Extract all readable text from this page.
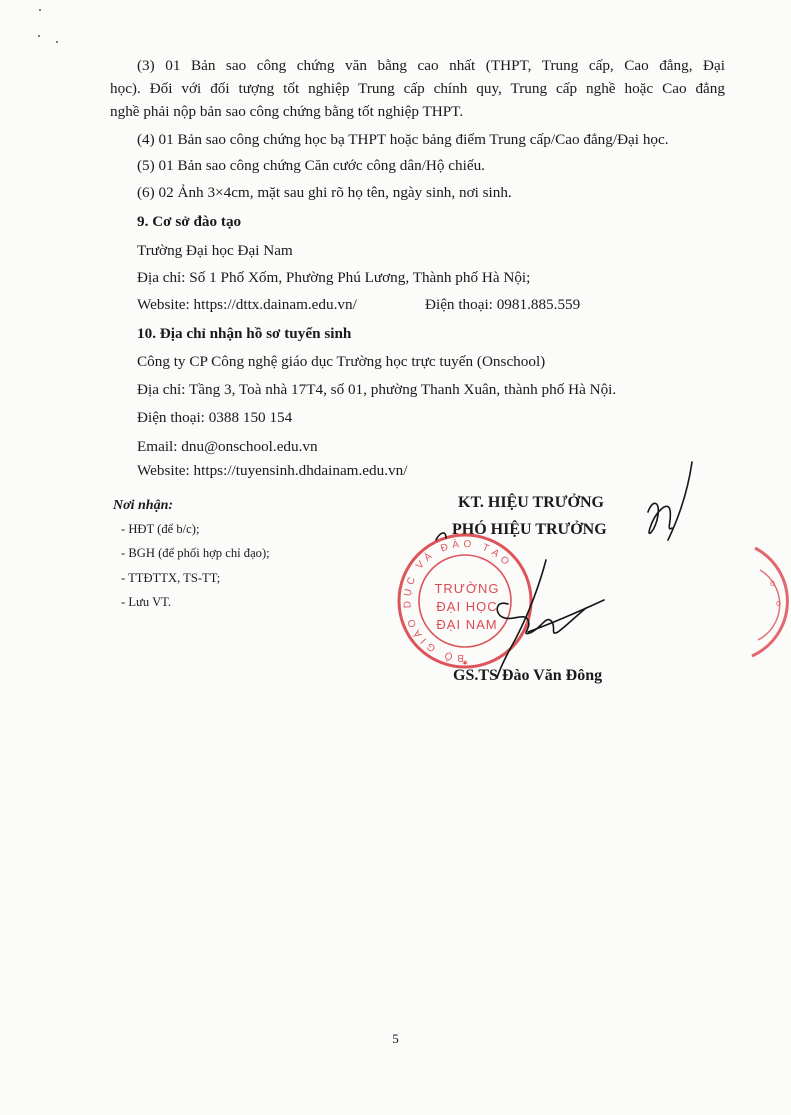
(3) 01 Bản sao công chứng văn bằng cao nhất (THPT, Trung cấp, Cao đẳng, Đại
học). Đối với đối tượng tốt nghiệp Trung cấp chính quy, Trung cấp nghề hoặc Cao đẳng
nghề phải nộp bản sao công chứng bằng tốt nghiệp THPT.
(4) 01 Bản sao công chứng học bạ THPT hoặc bảng điểm Trung cấp/Cao đẳng/Đại học.
(5) 01 Bản sao công chứng Căn cước công dân/Hộ chiếu.
(6) 02 Ảnh 3×4cm, mặt sau ghi rõ họ tên, ngày sinh, nơi sinh.
9. Cơ sở đào tạo
Trường Đại học Đại Nam
Địa chỉ: Số 1 Phố Xốm, Phường Phú Lương, Thành phố Hà Nội;
Website: https://dttx.dainam.edu.vn/	Điện thoại: 0981.885.559
10. Địa chỉ nhận hồ sơ tuyển sinh
Công ty CP Công nghệ giáo dục Trường học trực tuyến (Onschool)
Địa chỉ: Tầng 3, Toà nhà 17T4, số 01, phường Thanh Xuân, thành phố Hà Nội.
Điện thoại: 0388 150 154
Email: dnu@onschool.edu.vn
Website: https://tuyensinh.dhdainam.edu.vn/
Nơi nhận:
- HĐT (để b/c);
- BGH (để phối hợp chỉ đạo);
- TTĐTTX, TS-TT;
- Lưu VT.
KT. HIỆU TRƯỞNG
PHÓ HIỆU TRƯỞNG
GS.TS Đào Văn Đông
BỘ GIÁO DỤC VÀ ĐÀO TẠO
TRƯỜNG
ĐẠI HỌC
ĐẠI NAM
✶
o
o
5
